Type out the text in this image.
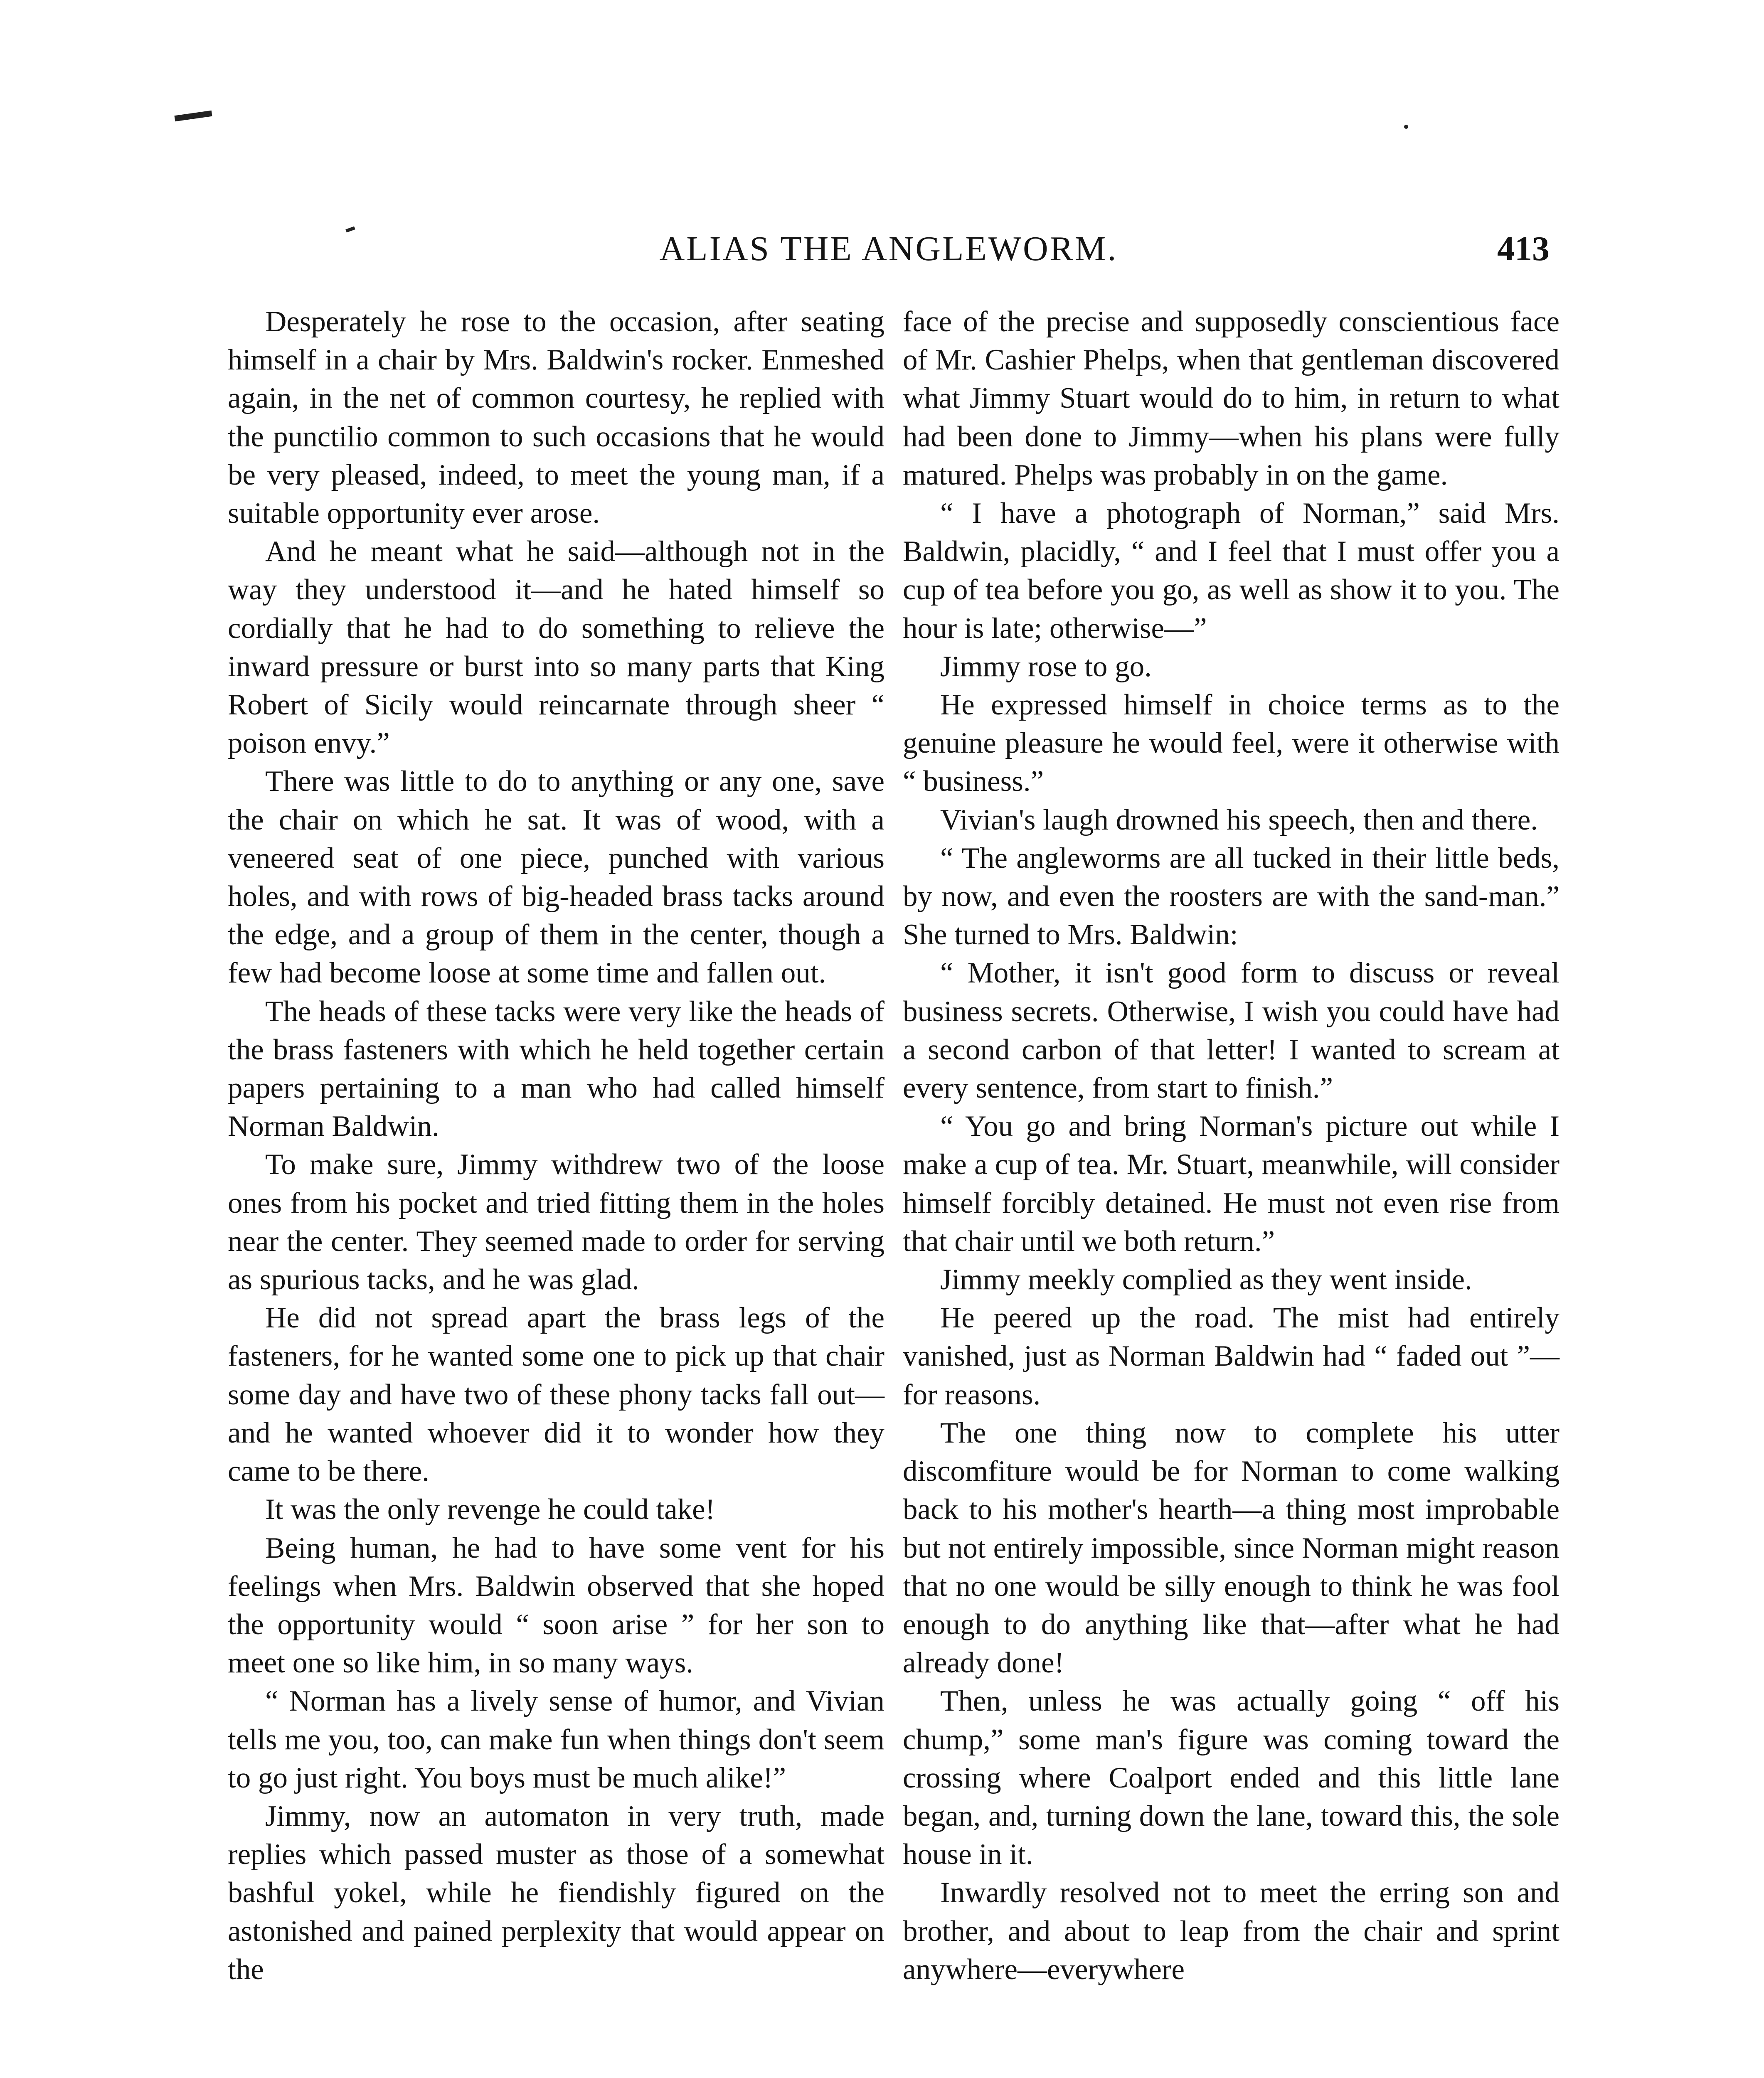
ALIAS THE ANGLEWORM.	413

Desperately he rose to the occasion, after seating himself in a chair by Mrs. Baldwin's rocker. Enmeshed again, in the net of common courtesy, he replied with the punctilio common to such occasions that he would be very pleased, indeed, to meet the young man, if a suitable opportunity ever arose.

And he meant what he said—although not in the way they understood it—and he hated himself so cordially that he had to do something to relieve the inward pressure or burst into so many parts that King Robert of Sicily would reincarnate through sheer “ poison envy.”

There was little to do to anything or any one, save the chair on which he sat. It was of wood, with a veneered seat of one piece, punched with various holes, and with rows of big-headed brass tacks around the edge, and a group of them in the center, though a few had become loose at some time and fallen out.

The heads of these tacks were very like the heads of the brass fasteners with which he held together certain papers pertaining to a man who had called himself Norman Baldwin.

To make sure, Jimmy withdrew two of the loose ones from his pocket and tried fitting them in the holes near the center. They seemed made to order for serving as spurious tacks, and he was glad.

He did not spread apart the brass legs of the fasteners, for he wanted some one to pick up that chair some day and have two of these phony tacks fall out—and he wanted whoever did it to wonder how they came to be there.

It was the only revenge he could take!

Being human, he had to have some vent for his feelings when Mrs. Baldwin observed that she hoped the opportunity would “ soon arise ” for her son to meet one so like him, in so many ways.

“ Norman has a lively sense of humor, and Vivian tells me you, too, can make fun when things don't seem to go just right. You boys must be much alike!”

Jimmy, now an automaton in very truth, made replies which passed muster as those of a somewhat bashful yokel, while he fiendishly figured on the astonished and pained perplexity that would appear on the

face of the precise and supposedly conscientious face of Mr. Cashier Phelps, when that gentleman discovered what Jimmy Stuart would do to him, in return to what had been done to Jimmy—when his plans were fully matured. Phelps was probably in on the game.

“ I have a photograph of Norman,” said Mrs. Baldwin, placidly, “ and I feel that I must offer you a cup of tea before you go, as well as show it to you. The hour is late; otherwise—”

Jimmy rose to go.

He expressed himself in choice terms as to the genuine pleasure he would feel, were it otherwise with “ business.”

Vivian's laugh drowned his speech, then and there.

“ The angleworms are all tucked in their little beds, by now, and even the roosters are with the sand-man.” She turned to Mrs. Baldwin:

“ Mother, it isn't good form to discuss or reveal business secrets. Otherwise, I wish you could have had a second carbon of that letter! I wanted to scream at every sentence, from start to finish.”

“ You go and bring Norman's picture out while I make a cup of tea. Mr. Stuart, meanwhile, will consider himself forcibly detained. He must not even rise from that chair until we both return.”

Jimmy meekly complied as they went inside.

He peered up the road. The mist had entirely vanished, just as Norman Baldwin had “ faded out ”—for reasons.

The one thing now to complete his utter discomfiture would be for Norman to come walking back to his mother's hearth—a thing most improbable but not entirely impossible, since Norman might reason that no one would be silly enough to think he was fool enough to do anything like that—after what he had already done!

Then, unless he was actually going “ off his chump,” some man's figure was coming toward the crossing where Coalport ended and this little lane began, and, turning down the lane, toward this, the sole house in it.

Inwardly resolved not to meet the erring son and brother, and about to leap from the chair and sprint anywhere—everywhere
